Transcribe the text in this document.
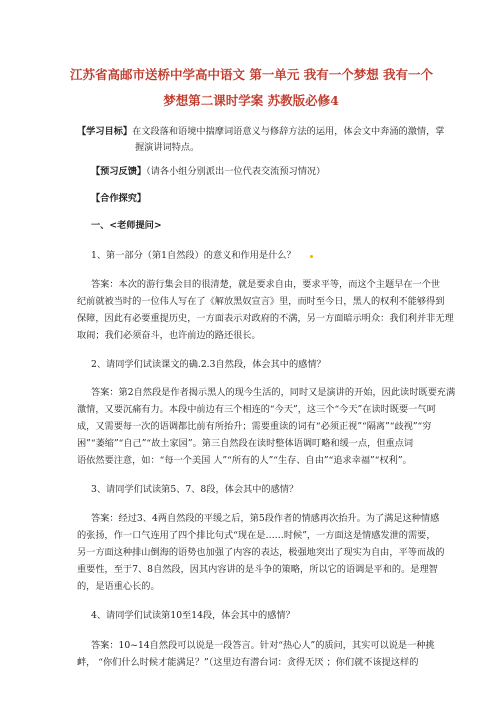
江苏省高邮市送桥中学高中语文 第一单元 我有一个梦想 我有一个
梦想第二课时学案 苏教版必修4
【学习目标】在文段落和语境中揣摩词语意义与修辞方法的运用，体会文中奔涌的激情，掌
握演讲词特点。
【预习反馈】（请各小组分别派出一位代表交流预习情况）
【合作探究】
一、<老师提问>
1、第一部分（第1自然段）的意义和作用是什么？
答案：本次的游行集会目的很清楚，就是要求自由，要求平等，而这个主题早在一个世
纪前就被当时的一位伟人写在了《解放黑奴宣言》里，而时至今日，黑人的权利不能够得到
保障，因此有必要重提历史，一方面表示对政府的不满，另一方面暗示明众：我们利并非无理
取闹；我们必须奋斗，也许前边的路还很长。
2、请同学们试读课文的确.2.3自然段，体会其中的感情？
答案：第2自然段是作者揭示黑人的现今生活的，同时又是演讲的开始，因此读时既要充满
激情，又要沉痛有力。本段中前边有三个相连的“今天”，这三个“今天”在读时既要一气呵
成，又需要每一次的语调都比前有所抬升；需要重读的词有“必须正视”“隔离”“歧视”“穷
困”“萎缩”“自己”“故土家园”。第三自然段在读时整体语调叮略和缓一点，但重点词
语依然要注意，如：“每一个美国 人”“所有的人”“生存、自由”“追求幸福”“权利”。
3、请同学们试读第5、7、8段，体会其中的感情？
答案：经过3、4两自然段的平缓之后，第5段作者的情感再次抬升。为了满足这种情感
的张扬，作一口气连用了四个排比句式“现在是……时候”，一方面这是情感发泄的需要，
另一方面这种排山倒海的语势也加强了内容的表达，极强地突出了现实为自由，平等而战的
重要性，至于7、8自然段，因其内容讲的是斗争的策略，所以它的语调是平和的。是理智
的，是语重心长的。
4、请同学们试读第10至14段，体会其中的感情？
答案：10~14自然段可以说是一段答言。针对“热心人”的质问，其实可以说是一种挑
衅， “你们什么时候才能满足？”（这里边有潜台词：贪得无厌 ；你们就不该提这样的
